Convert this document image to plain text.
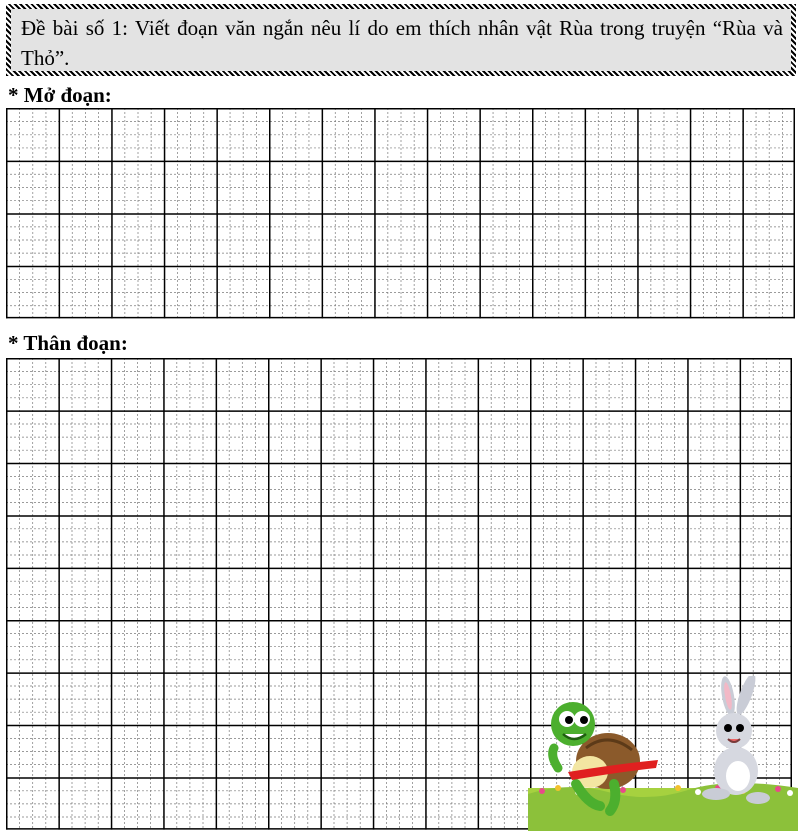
Đề bài số 1: Viết đoạn văn ngắn nêu lí do em thích nhân vật Rùa trong truyện “Rùa và Thỏ”.
* Mở đoạn:
* Thân đoạn:
